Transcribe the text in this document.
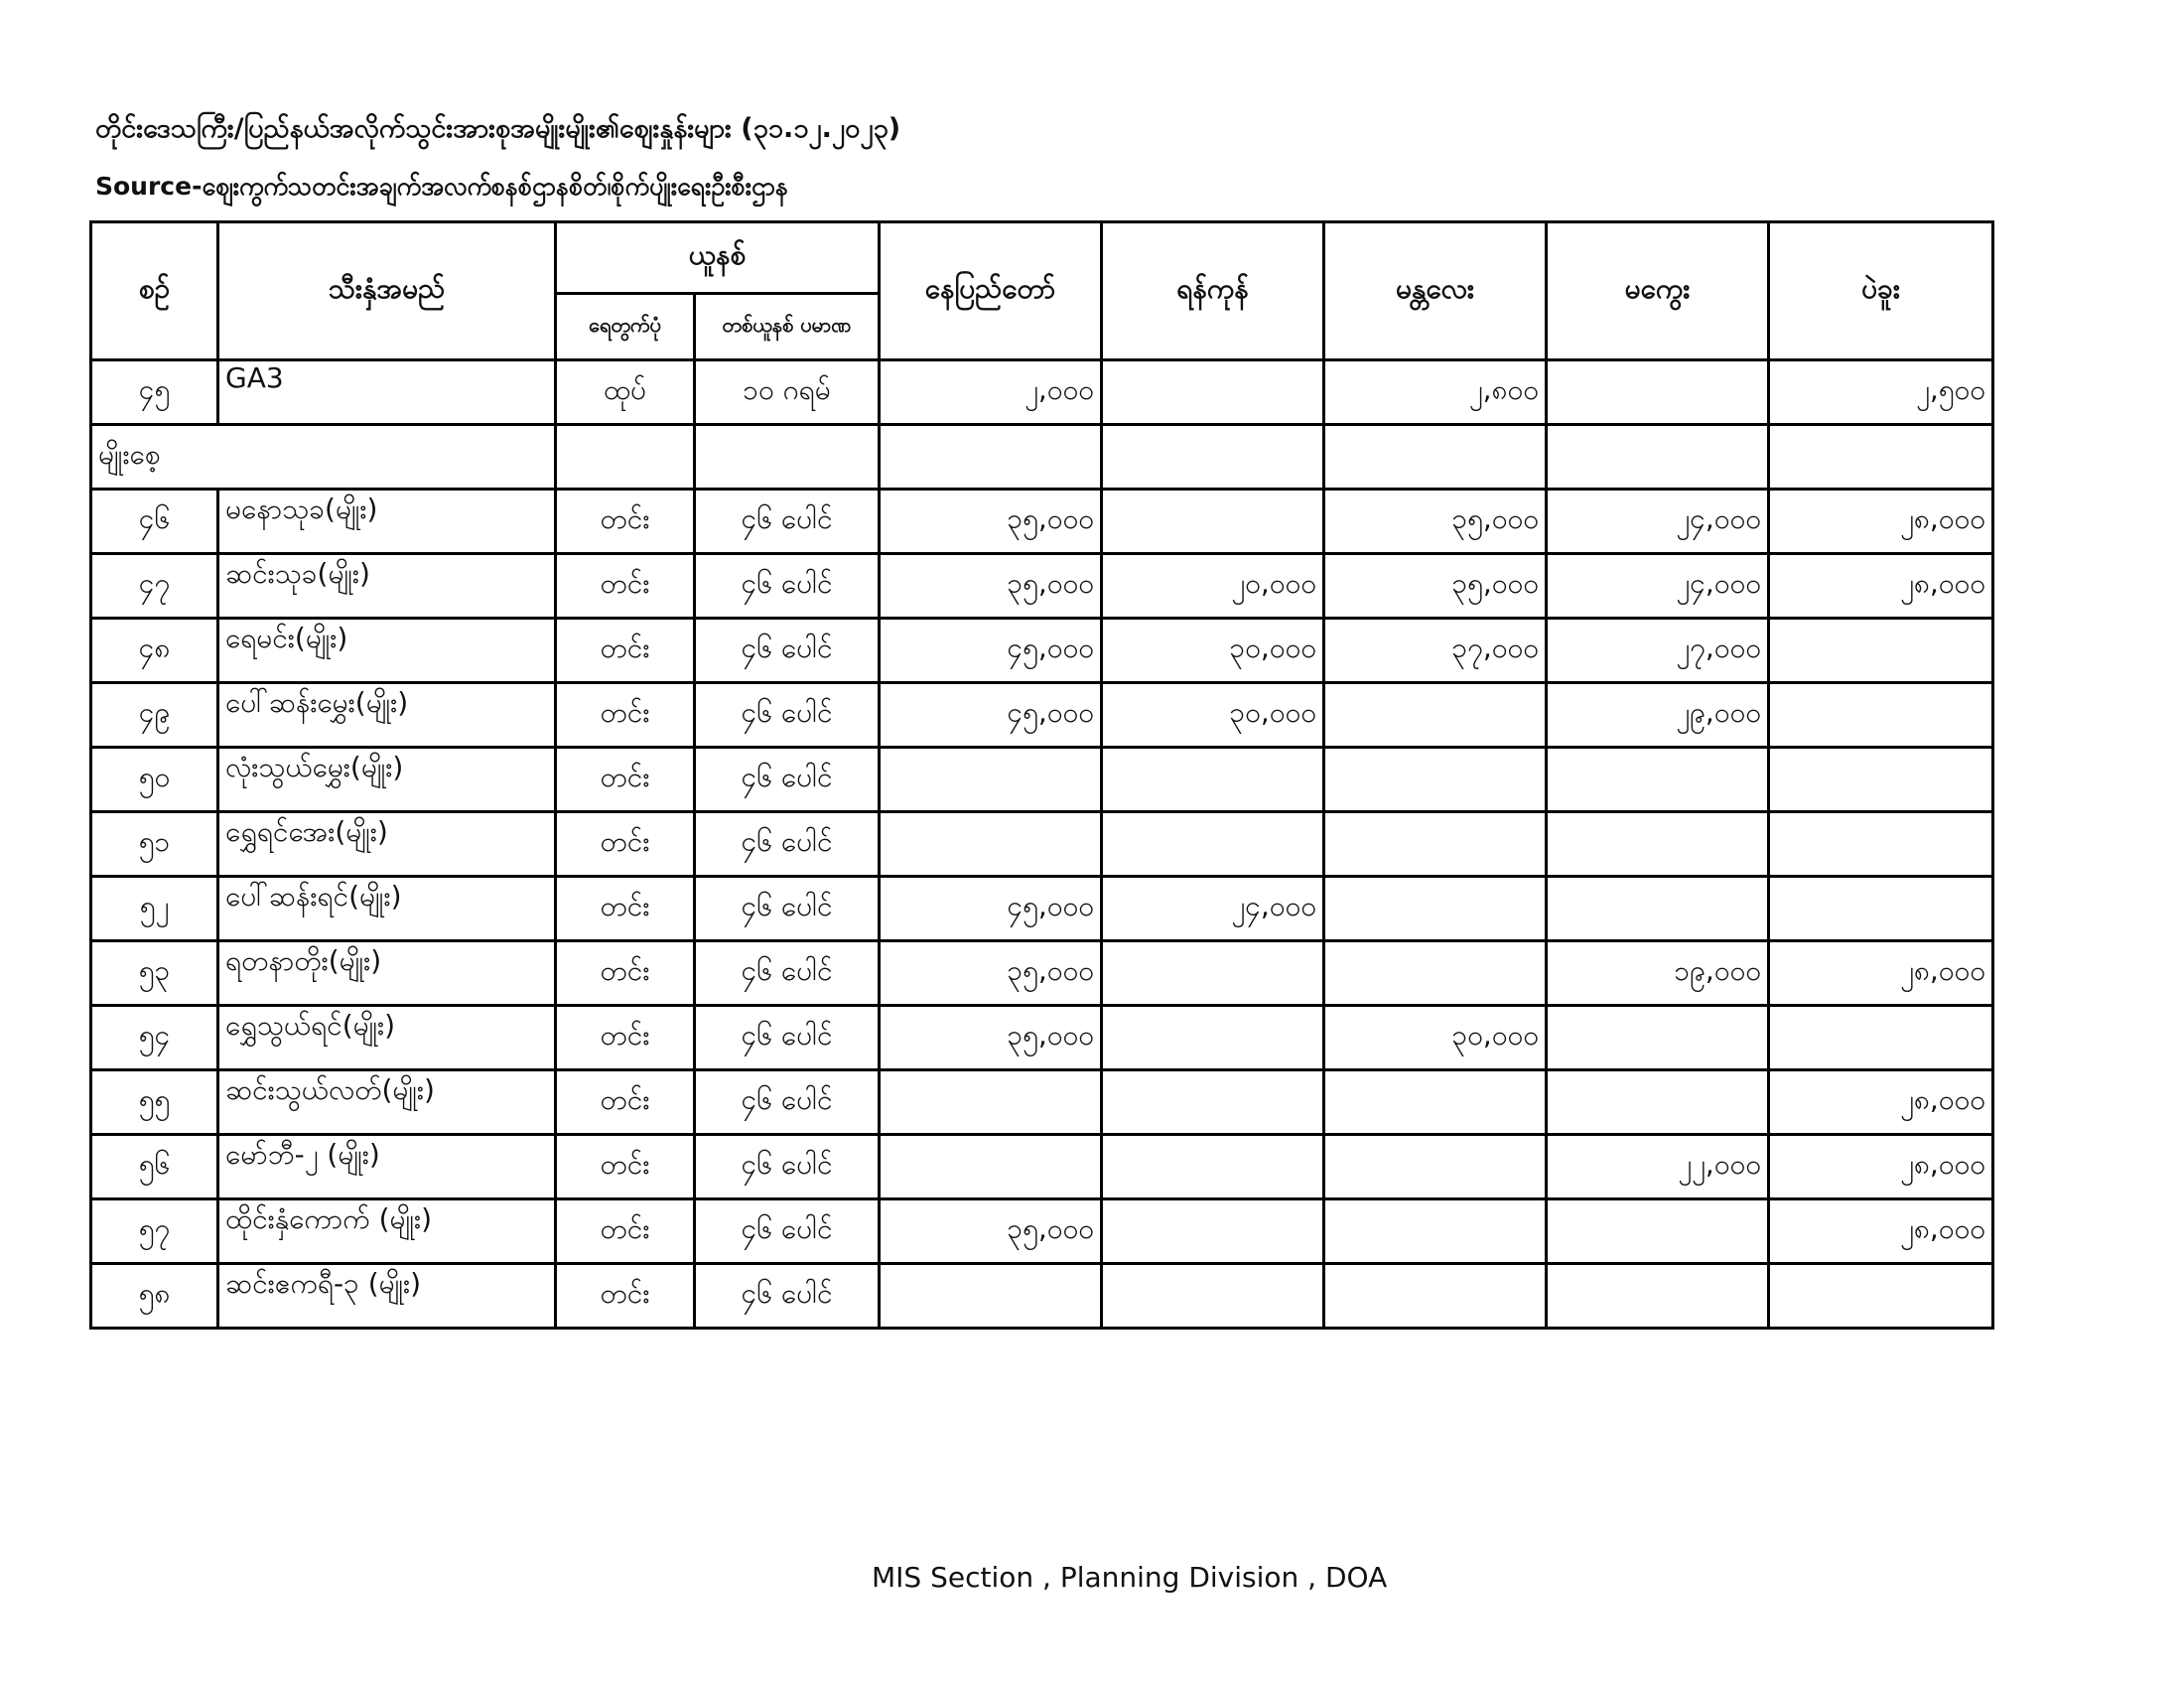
တိုင်းဒေသကြီး/ပြည်နယ်အလိုက်သွင်းအားစုအမျိုးမျိုး၏ဈေးနှုန်းများ (၃၁.၁၂.၂၀၂၃)
Source-ဈေးကွက်သတင်းအချက်အလက်စနစ်ဌာနစိတ်၊စိုက်ပျိုးရေးဦးစီးဌာန
စဉ်	သီးနှံအမည်	ယူနစ်		နေပြည်တော်	ရန်ကုန်	မန္တလေး	မကွေး	ပဲခူး
		ရေတွက်ပုံ	တစ်ယူနစ် ပမာဏ					
၄၅	GA3	ထုပ်	၁၀ ဂရမ်	၂,၀၀၀		၂,၈၀၀		၂,၅၀၀
မျိုးစေ့								
၄၆	မနောသုခ(မျိုး)	တင်း	၄၆ ပေါင်	၃၅,၀၀၀		၃၅,၀၀၀	၂၄,၀၀၀	၂၈,၀၀၀
၄၇	ဆင်းသုခ(မျိုး)	တင်း	၄၆ ပေါင်	၃၅,၀၀၀	၂၀,၀၀၀	၃၅,၀၀၀	၂၄,၀၀၀	၂၈,၀၀၀
၄၈	ရေမင်း(မျိုး)	တင်း	၄၆ ပေါင်	၄၅,၀၀၀	၃၀,၀၀၀	၃၇,၀၀၀	၂၇,၀၀၀	
၄၉	ပေါ်ဆန်းမွှေး(မျိုး)	တင်း	၄၆ ပေါင်	၄၅,၀၀၀	၃၀,၀၀၀		၂၉,၀၀၀	
၅၀	လုံးသွယ်မွှေး(မျိုး)	တင်း	၄၆ ပေါင်					
၅၁	ရွှေရင်အေး(မျိုး)	တင်း	၄၆ ပေါင်					
၅၂	ပေါ်ဆန်းရင်(မျိုး)	တင်း	၄၆ ပေါင်	၄၅,၀၀၀	၂၄,၀၀၀			
၅၃	ရတနာတိုး(မျိုး)	တင်း	၄၆ ပေါင်	၃၅,၀၀၀			၁၉,၀၀၀	၂၈,၀၀၀
၅၄	ရွှေသွယ်ရင်(မျိုး)	တင်း	၄၆ ပေါင်	၃၅,၀၀၀		၃၀,၀၀၀		
၅၅	ဆင်းသွယ်လတ်(မျိုး)	တင်း	၄၆ ပေါင်					၂၈,၀၀၀
၅၆	မော်ဘီ-၂ (မျိုး)	တင်း	၄၆ ပေါင်				၂၂,၀၀၀	၂၈,၀၀၀
၅၇	ထိုင်းနှံကောက် (မျိုး)	တင်း	၄၆ ပေါင်	၃၅,၀၀၀				၂၈,၀၀၀
၅၈	ဆင်းဧကရီ-၃ (မျိုး)	တင်း	၄၆ ပေါင်					
MIS Section , Planning Division , DOA
